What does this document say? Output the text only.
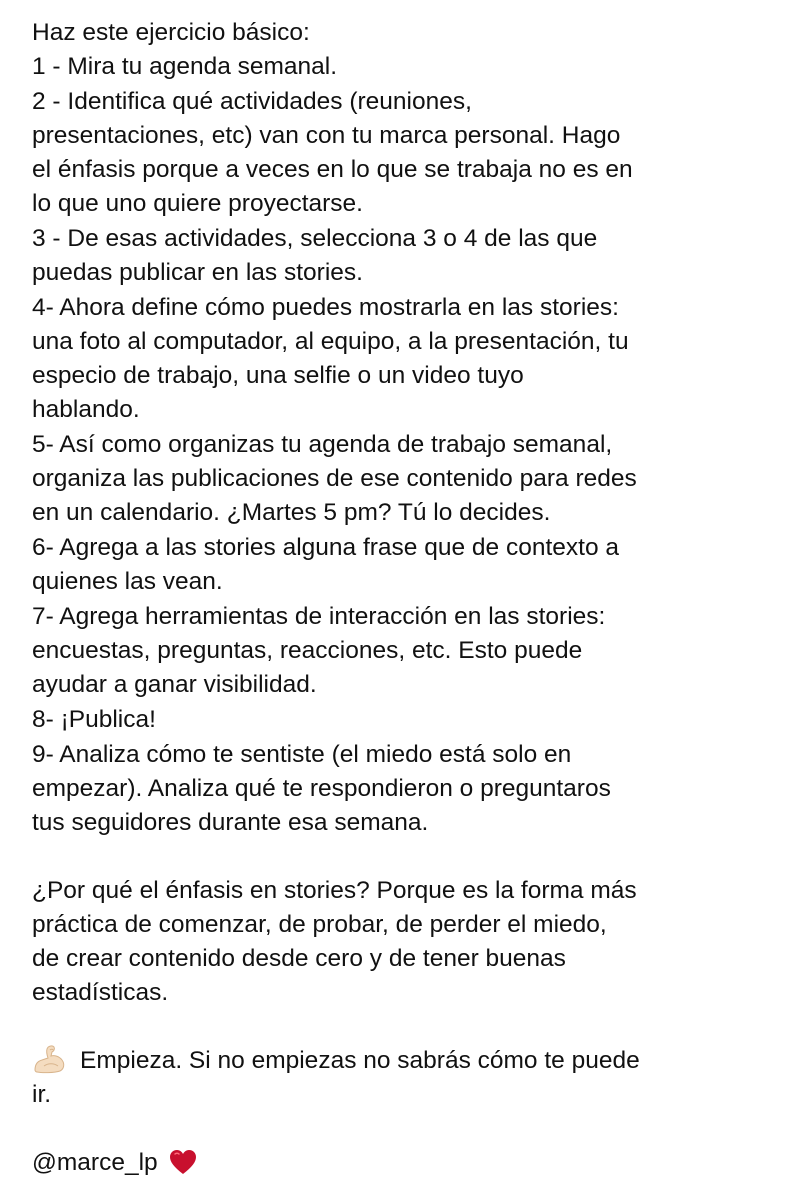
Haz este ejercicio básico:
1 - Mira tu agenda semanal.
2 - Identifica qué actividades (reuniones,
presentaciones, etc) van con tu marca personal. Hago
el énfasis porque a veces en lo que se trabaja no es en
lo que uno quiere proyectarse.
3 - De esas actividades, selecciona 3 o 4 de las que
puedas publicar en las stories.
4- Ahora define cómo puedes mostrarla en las stories:
una foto al computador, al equipo, a la presentación, tu
especio de trabajo, una selfie o un video tuyo
hablando.
5- Así como organizas tu agenda de trabajo semanal,
organiza las publicaciones de ese contenido para redes
en un calendario. ¿Martes 5 pm? Tú lo decides.
6- Agrega a las stories alguna frase que de contexto a
quienes las vean.
7- Agrega herramientas de interacción en las stories:
encuestas, preguntas, reacciones, etc. Esto puede
ayudar a ganar visibilidad.
8- ¡Publica!
9- Analiza cómo te sentiste (el miedo está solo en
empezar). Analiza qué te respondieron o preguntaros
tus seguidores durante esa semana.
¿Por qué el énfasis en stories? Porque es la forma más
práctica de comenzar, de probar, de perder el miedo,
de crear contenido desde cero y de tener buenas
estadísticas.
Empieza. Si no empiezas no sabrás cómo te puede
ir.
@marce_lp
